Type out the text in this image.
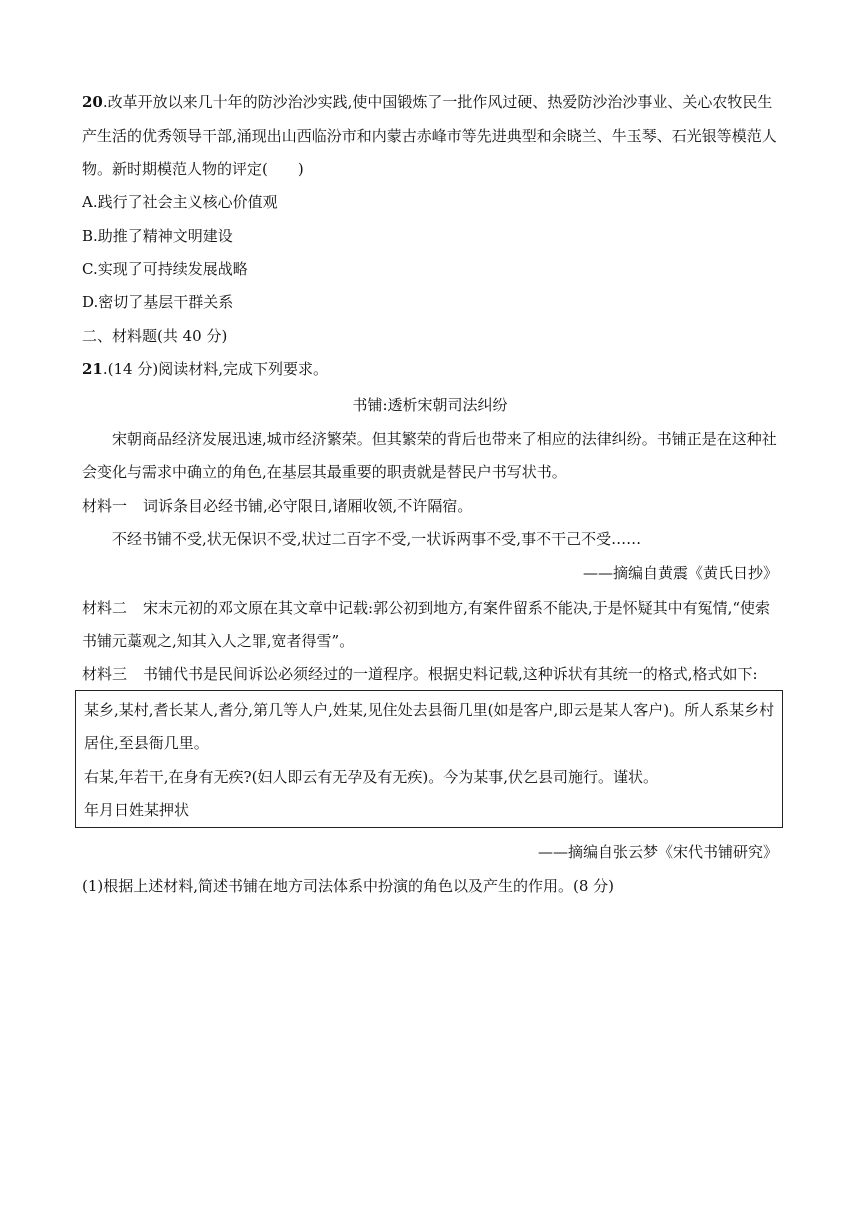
20.改革开放以来几十年的防沙治沙实践,使中国锻炼了一批作风过硬、热爱防沙治沙事业、关心农牧民生
产生活的优秀领导干部,涌现出山西临汾市和内蒙古赤峰市等先进典型和余晓兰、牛玉琴、石光银等模范人
物。新时期模范人物的评定(　　)
A.践行了社会主义核心价值观
B.助推了精神文明建设
C.实现了可持续发展战略
D.密切了基层干群关系
二、材料题(共 40 分)
21.(14 分)阅读材料,完成下列要求。
书铺:透析宋朝司法纠纷
宋朝商品经济发展迅速,城市经济繁荣。但其繁荣的背后也带来了相应的法律纠纷。书铺正是在这种社
会变化与需求中确立的角色,在基层其最重要的职责就是替民户书写状书。
材料一 词诉条目必经书铺,必守限日,诸厢收领,不许隔宿。
不经书铺不受,状无保识不受,状过二百字不受,一状诉两事不受,事不干己不受……
——摘编自黄震《黄氏日抄》
材料二 宋末元初的邓文原在其文章中记载:郭公初到地方,有案件留系不能决,于是怀疑其中有冤情,“使索
书铺元藁观之,知其入人之罪,宽者得雪”。
材料三 书铺代书是民间诉讼必须经过的一道程序。根据史料记载,这种诉状有其统一的格式,格式如下:
某乡,某村,耆长某人,耆分,第几等人户,姓某,见住处去县衙几里(如是客户,即云是某人客户)。所人系某乡村
居住,至县衙几里。
右某,年若干,在身有无疾?(妇人即云有无孕及有无疾)。今为某事,伏乞县司施行。谨状。
年月日姓某押状
——摘编自张云梦《宋代书铺研究》
(1)根据上述材料,简述书铺在地方司法体系中扮演的角色以及产生的作用。(8 分)
